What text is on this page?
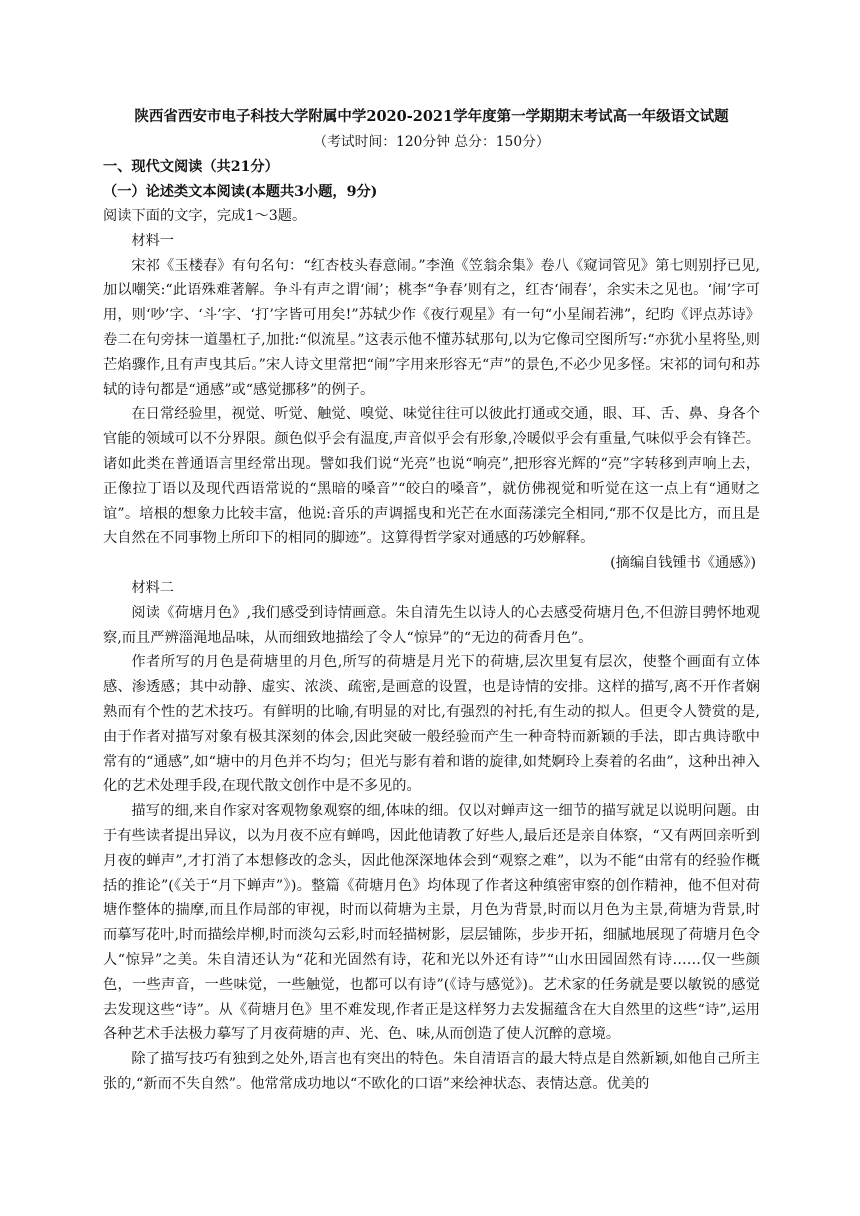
陕西省西安市电子科技大学附属中学2020-2021学年度第一学期期末考试高一年级语文试题

（考试时间：120分钟 总分：150分）

一、现代文阅读（共21分）

（一）论述类文本阅读(本题共3小题，9分)

阅读下面的文字，完成1～3题。

材料一

宋祁《玉楼春》有句名句：“红杏枝头春意闹。”李渔《笠翁余集》卷八《窥词管见》第七则别抒已见,加以嘲笑:“此语殊难著解。争斗有声之谓‘闹’；桃李“争春’则有之，红杏‘闹春’，余实未之见也。‘闹’字可用，则‘吵’字、‘斗’字、‘打’字皆可用矣!”苏轼少作《夜行观星》有一句“小星闹若沸”，纪昀《评点苏诗》卷二在句旁抹一道墨杠子,加批:“似流星。”这表示他不懂苏轼那句,以为它像司空图所写:“亦犹小星将坠,则芒焰骤作,且有声曳其后。”宋人诗文里常把“闹”字用来形容无“声”的景色,不必少见多怪。宋祁的词句和苏轼的诗句都是“通感”或“感觉挪移”的例子。

在日常经验里，视觉、听觉、触觉、嗅觉、味觉往往可以彼此打通或交通，眼、耳、舌、鼻、身各个官能的领域可以不分界限。颜色似乎会有温度,声音似乎会有形象,冷暖似乎会有重量,气味似乎会有锋芒。诸如此类在普通语言里经常出现。譬如我们说“光亮”也说“响亮”,把形容光辉的“亮”字转移到声响上去，正像拉丁语以及现代西语常说的“黑暗的嗓音”“皎白的嗓音”，就仿佛视觉和听觉在这一点上有“通财之谊”。培根的想象力比较丰富，他说:音乐的声调摇曳和光芒在水面荡漾完全相同,“那不仅是比方，而且是大自然在不同事物上所印下的相同的脚迹”。这算得哲学家对通感的巧妙解释。

(摘编自钱锺书《通感》)

材料二

阅读《荷塘月色》,我们感受到诗情画意。朱自清先生以诗人的心去感受荷塘月色,不但游目骋怀地观察,而且严辨淄渑地品味，从而细致地描绘了令人“惊异”的“无边的荷香月色”。

作者所写的月色是荷塘里的月色,所写的荷塘是月光下的荷塘,层次里复有层次，使整个画面有立体感、渗透感；其中动静、虚实、浓淡、疏密,是画意的设置，也是诗情的安排。这样的描写,离不开作者娴熟而有个性的艺术技巧。有鲜明的比喻,有明显的对比,有强烈的衬托,有生动的拟人。但更令人赞赏的是,由于作者对描写对象有极其深刻的体会,因此突破一般经验而产生一种奇特而新颖的手法，即古典诗歌中常有的“通感”,如“塘中的月色并不均匀；但光与影有着和谐的旋律,如梵婀玲上奏着的名曲”，这种出神入化的艺术处理手段,在现代散文创作中是不多见的。

描写的细,来自作家对客观物象观察的细,体味的细。仅以对蝉声这一细节的描写就足以说明问题。由于有些读者提出异议，以为月夜不应有蝉鸣，因此他请教了好些人,最后还是亲自体察，“又有两回亲听到月夜的蝉声”,才打消了本想修改的念头，因此他深深地体会到“观察之难”，以为不能“由常有的经验作概括的推论”(《关于“月下蝉声”》)。整篇《荷塘月色》均体现了作者这种缜密审察的创作精神，他不但对荷塘作整体的揣摩,而且作局部的审视，时而以荷塘为主景，月色为背景,时而以月色为主景,荷塘为背景,时而摹写花叶,时而描绘岸柳,时而淡勾云彩,时而轻描树影，层层铺陈，步步开拓，细腻地展现了荷塘月色令人“惊异”之美。朱自清还认为“花和光固然有诗，花和光以外还有诗”“山水田园固然有诗……仅一些颜色，一些声音，一些味觉，一些触觉，也都可以有诗”(《诗与感觉》)。艺术家的任务就是要以敏锐的感觉去发现这些“诗”。从《荷塘月色》里不难发现,作者正是这样努力去发掘蕴含在大自然里的这些“诗”,运用各种艺术手法极力摹写了月夜荷塘的声、光、色、味,从而创造了使人沉醉的意境。

除了描写技巧有独到之处外,语言也有突出的特色。朱自清语言的最大特点是自然新颖,如他自己所主张的,“新而不失自然”。他常常成功地以“不欧化的口语”来绘神状态、表情达意。优美的
